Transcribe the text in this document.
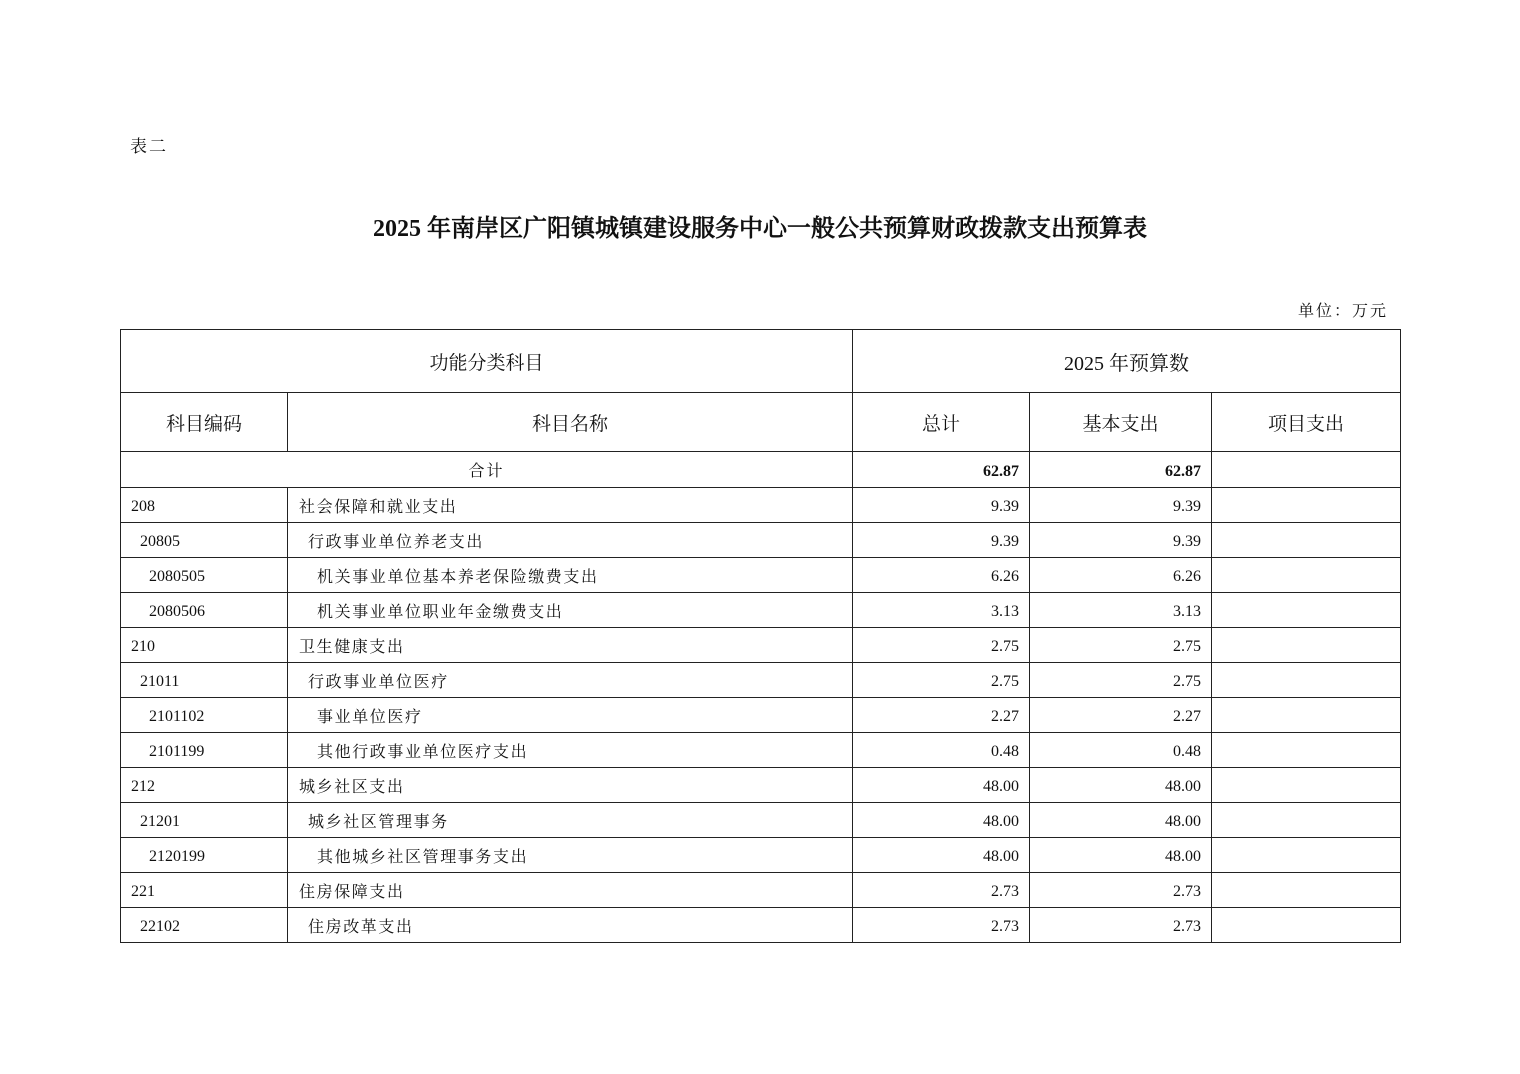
表二
2025 年南岸区广阳镇城镇建设服务中心一般公共预算财政拨款支出预算表
单位：万元
功能分类科目		2025 年预算数		
科目编码	科目名称	总计	基本支出	项目支出
合计		62.87	62.87	
208	社会保障和就业支出	9.39	9.39	
20805	行政事业单位养老支出	9.39	9.39	
2080505	机关事业单位基本养老保险缴费支出	6.26	6.26	
2080506	机关事业单位职业年金缴费支出	3.13	3.13	
210	卫生健康支出	2.75	2.75	
21011	行政事业单位医疗	2.75	2.75	
2101102	事业单位医疗	2.27	2.27	
2101199	其他行政事业单位医疗支出	0.48	0.48	
212	城乡社区支出	48.00	48.00	
21201	城乡社区管理事务	48.00	48.00	
2120199	其他城乡社区管理事务支出	48.00	48.00	
221	住房保障支出	2.73	2.73	
22102	住房改革支出	2.73	2.73	
